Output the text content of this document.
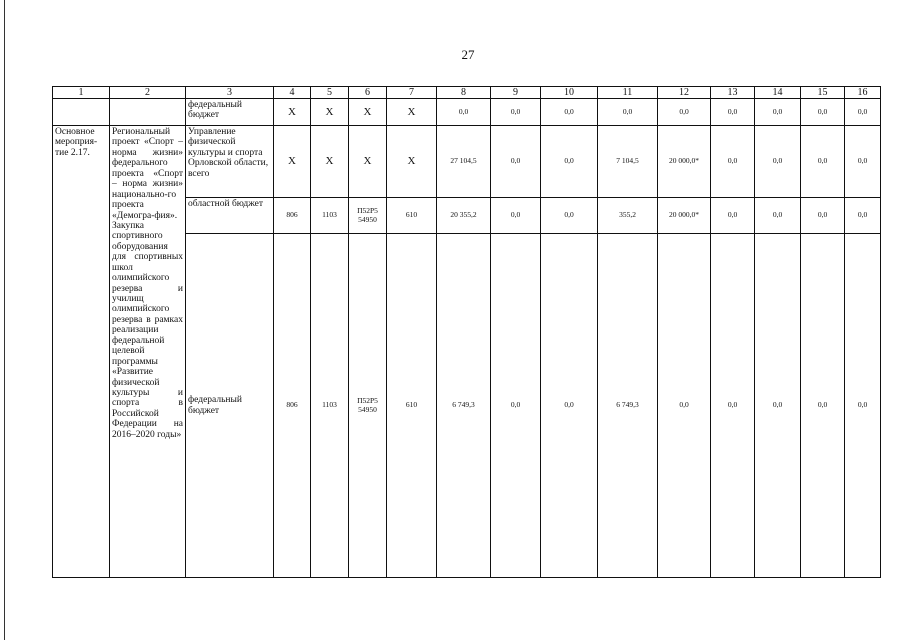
27
1	2	3	4	5	6	7	8	9	10	11	12	13	14	15	16
		федеральный бюджет	X	X	X	X	0,0	0,0	0,0	0,0	0,0	0,0	0,0	0,0	0,0
Основное мероприя-тие 2.17.	Региональный проект «Спорт – норма жизни» федерального проекта «Спорт – норма жизни» национально-го проекта «Демогра-фия». Закупка спортивного оборудования для спортивных школ олимпийского резерва и училищ олимпийского резерва в рамках реализации федеральной целевой программы «Развитие физической культуры и спорта в Российской Федерации на 2016–2020 годы»	Управление физической культуры и спорта Орловской области, всего	X	X	X	X	27 104,5	0,0	0,0	7 104,5	20 000,0*	0,0	0,0	0,0	0,0
		областной бюджет	806	1103	П52Р5 54950	610	20 355,2	0,0	0,0	355,2	20 000,0*	0,0	0,0	0,0	0,0
		федеральный бюджет	806	1103	П52Р5 54950	610	6 749,3	0,0	0,0	6 749,3	0,0	0,0	0,0	0,0	0,0
